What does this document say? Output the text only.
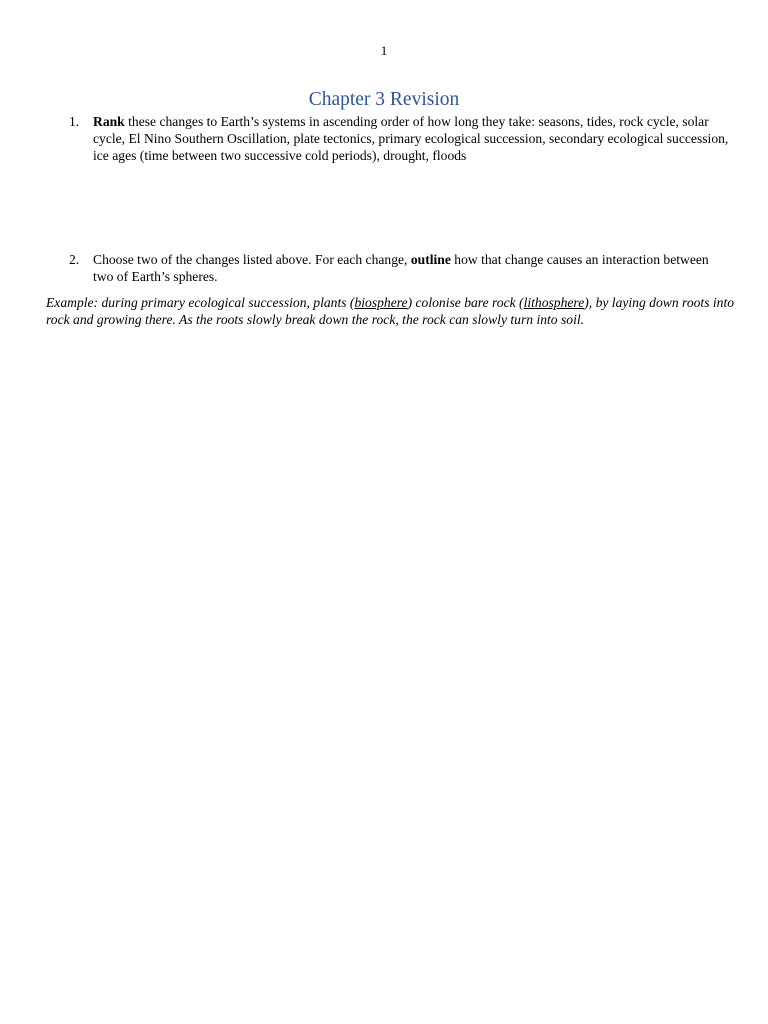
1
Chapter 3 Revision
1. Rank these changes to Earth’s systems in ascending order of how long they take: seasons, tides, rock cycle, solar cycle, El Nino Southern Oscillation, plate tectonics, primary ecological succession, secondary ecological succession, ice ages (time between two successive cold periods), drought, floods
2. Choose two of the changes listed above. For each change, outline how that change causes an interaction between two of Earth’s spheres.
Example: during primary ecological succession, plants (biosphere) colonise bare rock (lithosphere), by laying down roots into rock and growing there. As the roots slowly break down the rock, the rock can slowly turn into soil.
